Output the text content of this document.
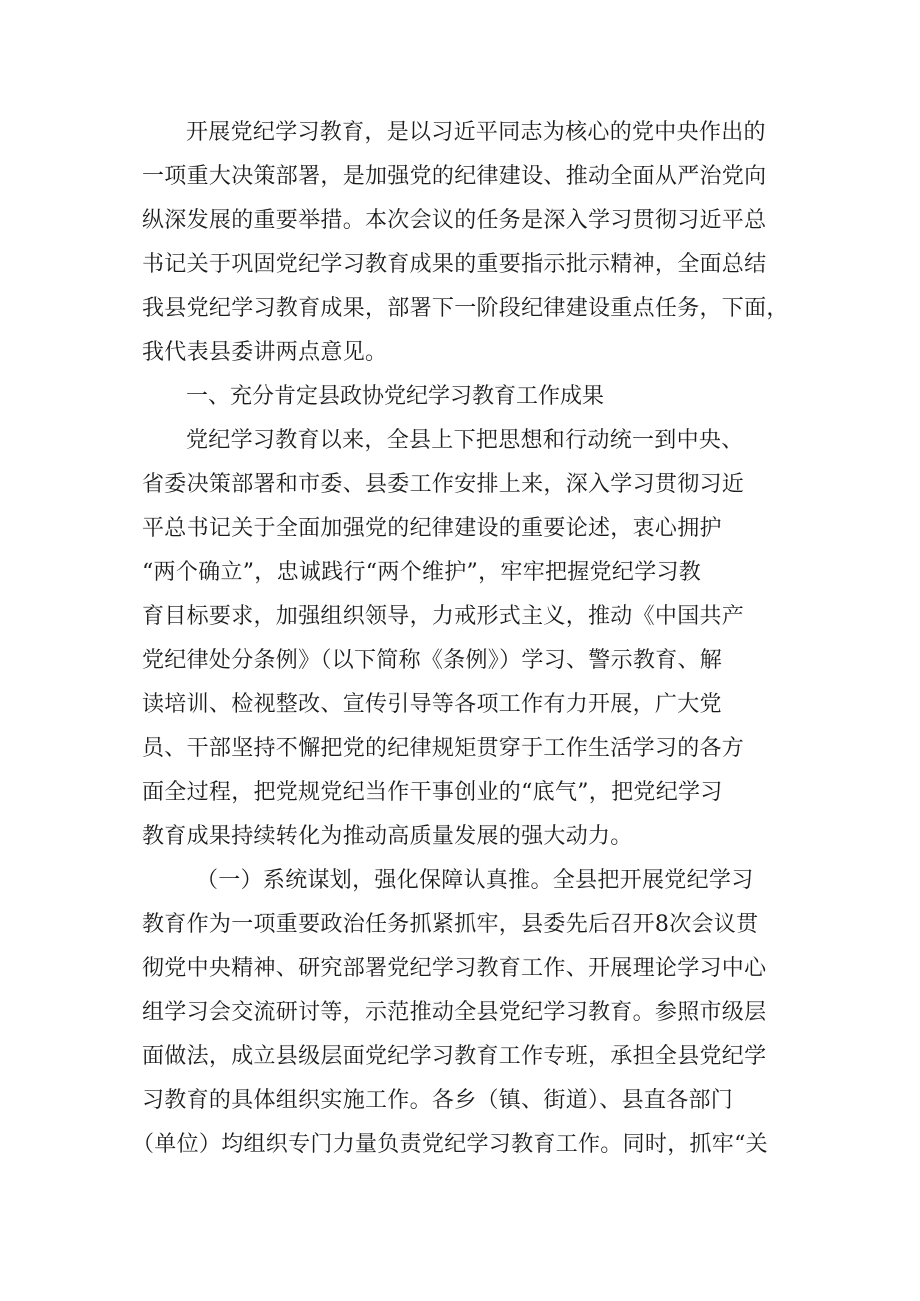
开展党纪学习教育，是以习近平同志为核心的党中央作出的

一项重大决策部署，是加强党的纪律建设、推动全面从严治党向

纵深发展的重要举措。本次会议的任务是深入学习贯彻习近平总

书记关于巩固党纪学习教育成果的重要指示批示精神，全面总结

我县党纪学习教育成果，部署下一阶段纪律建设重点任务，下面，

我代表县委讲两点意见。

一、充分肯定县政协党纪学习教育工作成果

党纪学习教育以来，全县上下把思想和行动统一到中央、

省委决策部署和市委、县委工作安排上来，深入学习贯彻习近

平总书记关于全面加强党的纪律建设的重要论述，衷心拥护

“两个确立”，忠诚践行“两个维护”，牢牢把握党纪学习教

育目标要求，加强组织领导，力戒形式主义，推动《中国共产

党纪律处分条例》（以下简称《条例》）学习、警示教育、解

读培训、检视整改、宣传引导等各项工作有力开展，广大党

员、干部坚持不懈把党的纪律规矩贯穿于工作生活学习的各方

面全过程，把党规党纪当作干事创业的“底气”，把党纪学习

教育成果持续转化为推动高质量发展的强大动力。

（一）系统谋划，强化保障认真推。全县把开展党纪学习

教育作为一项重要政治任务抓紧抓牢，县委先后召开8次会议贯

彻党中央精神、研究部署党纪学习教育工作、开展理论学习中心

组学习会交流研讨等，示范推动全县党纪学习教育。参照市级层

面做法，成立县级层面党纪学习教育工作专班，承担全县党纪学

习教育的具体组织实施工作。各乡（镇、街道）、县直各部门

（单位）均组织专门力量负责党纪学习教育工作。同时，抓牢“关
